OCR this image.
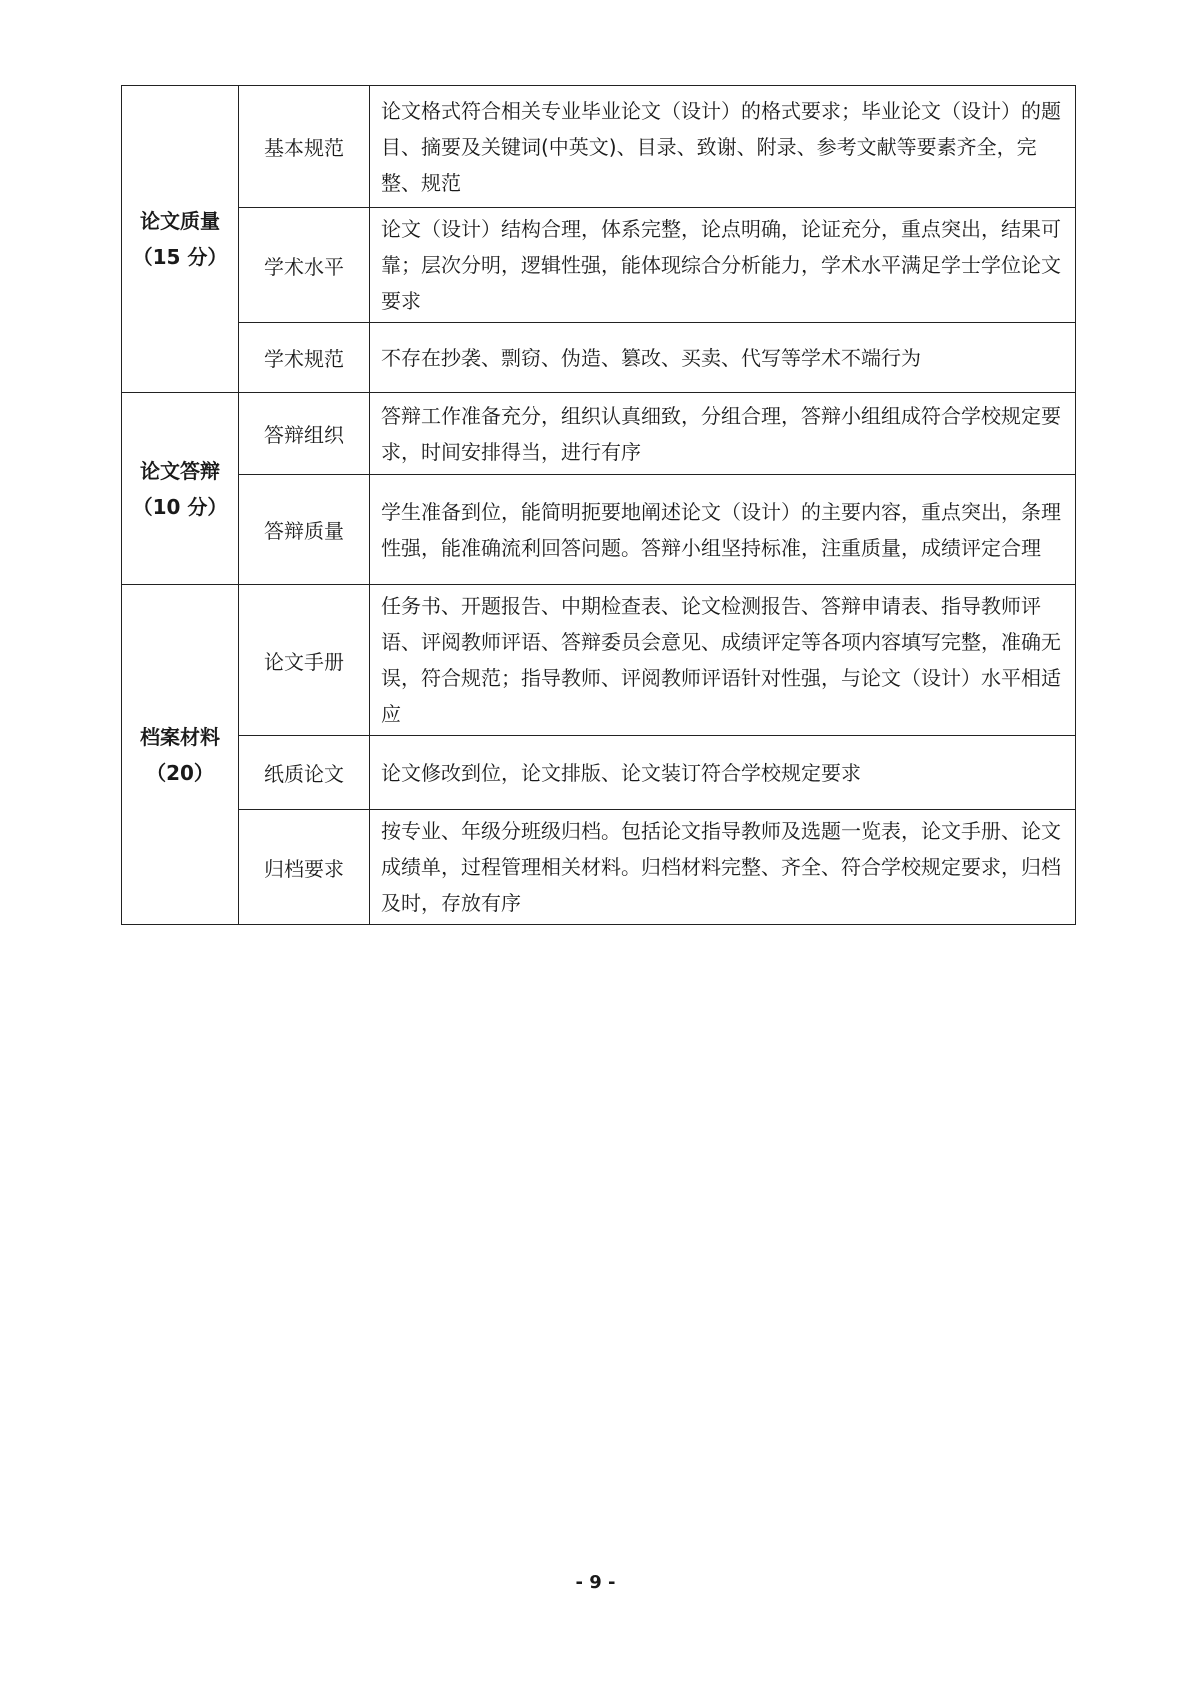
论文质量
（15 分）	基本规范	论文格式符合相关专业毕业论文（设计）的格式要求；毕业论文（设计）的题目、摘要及关键词(中英文)、目录、致谢、附录、参考文献等要素齐全，完整、规范
	学术水平	论文（设计）结构合理，体系完整，论点明确，论证充分，重点突出，结果可靠；层次分明，逻辑性强，能体现综合分析能力，学术水平满足学士学位论文要求
	学术规范	不存在抄袭、剽窃、伪造、篡改、买卖、代写等学术不端行为

论文答辩
（10 分）	答辩组织	答辩工作准备充分，组织认真细致，分组合理，答辩小组组成符合学校规定要求，时间安排得当，进行有序
	答辩质量	学生准备到位，能简明扼要地阐述论文（设计）的主要内容，重点突出，条理性强，能准确流利回答问题。答辩小组坚持标准，注重质量，成绩评定合理

档案材料
（20）	论文手册	任务书、开题报告、中期检查表、论文检测报告、答辩申请表、指导教师评语、评阅教师评语、答辩委员会意见、成绩评定等各项内容填写完整，准确无误，符合规范；指导教师、评阅教师评语针对性强，与论文（设计）水平相适应
	纸质论文	论文修改到位，论文排版、论文装订符合学校规定要求
	归档要求	按专业、年级分班级归档。包括论文指导教师及选题一览表，论文手册、论文成绩单，过程管理相关材料。归档材料完整、齐全、符合学校规定要求，归档及时，存放有序
- 9 -
